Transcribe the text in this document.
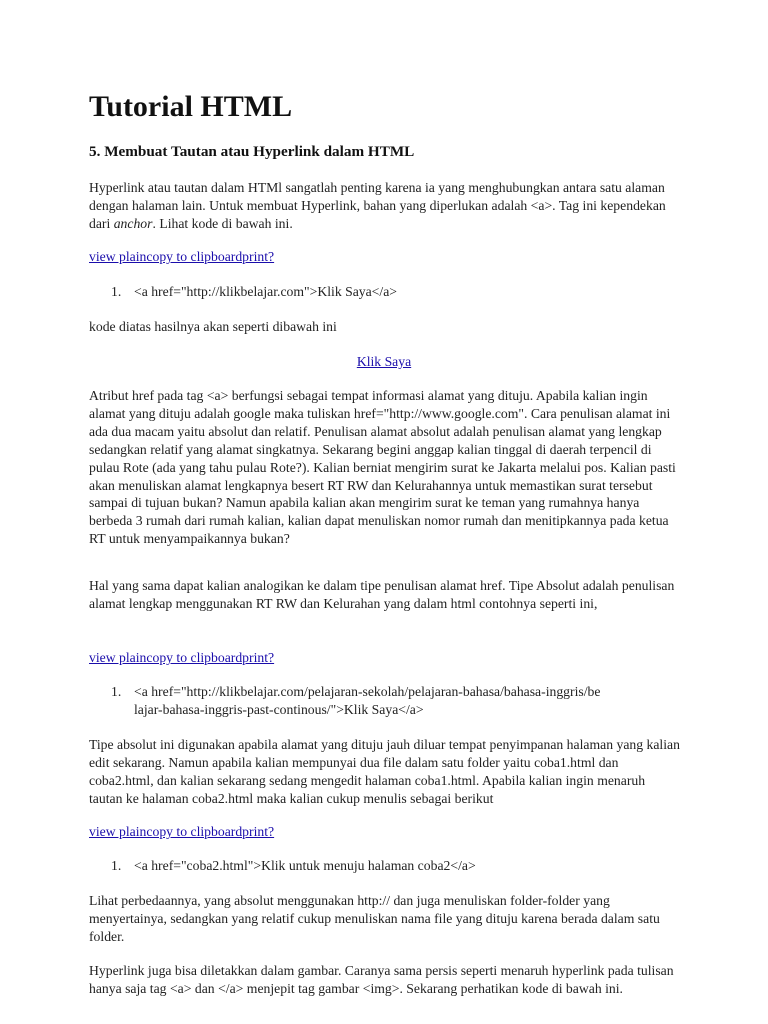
Tutorial HTML
5. Membuat Tautan atau Hyperlink dalam HTML

Hyperlink atau tautan dalam HTMl sangatlah penting karena ia yang menghubungkan antara satu alaman dengan halaman lain. Untuk membuat Hyperlink, bahan yang diperlukan adalah <a>. Tag ini kependekan dari anchor. Lihat kode di bawah ini.

view plaincopy to clipboardprint?

1. <a href="http://klikbelajar.com">Klik Saya</a>

kode diatas hasilnya akan seperti dibawah ini

Klik Saya

Atribut href pada tag <a> berfungsi sebagai tempat informasi alamat yang dituju. Apabila kalian ingin alamat yang dituju adalah google maka tuliskan href="http://www.google.com". Cara penulisan alamat ini ada dua macam yaitu absolut dan relatif. Penulisan alamat absolut adalah penulisan alamat yang lengkap sedangkan relatif yang alamat singkatnya. Sekarang begini anggap kalian tinggal di daerah terpencil di pulau Rote (ada yang tahu pulau Rote?). Kalian berniat mengirim surat ke Jakarta melalui pos. Kalian pasti akan menuliskan alamat lengkapnya besert RT RW dan Kelurahannya untuk memastikan surat tersebut sampai di tujuan bukan? Namun apabila kalian akan mengirim surat ke teman yang rumahnya hanya berbeda 3 rumah dari rumah kalian, kalian dapat menuliskan nomor rumah dan menitipkannya pada ketua RT untuk menyampaikannya bukan?

Hal yang sama dapat kalian analogikan ke dalam tipe penulisan alamat href. Tipe Absolut adalah penulisan alamat lengkap menggunakan RT RW dan Kelurahan yang dalam html contohnya seperti ini,

view plaincopy to clipboardprint?

1. <a href="http://klikbelajar.com/pelajaran-sekolah/pelajaran-bahasa/bahasa-inggris/belajar-bahasa-inggris-past-continous/">Klik Saya</a>

Tipe absolut ini digunakan apabila alamat yang dituju jauh diluar tempat penyimpanan halaman yang kalian edit sekarang. Namun apabila kalian mempunyai dua file dalam satu folder yaitu coba1.html dan coba2.html, dan kalian sekarang sedang mengedit halaman coba1.html. Apabila kalian ingin menaruh tautan ke halaman coba2.html maka kalian cukup menulis sebagai berikut

view plaincopy to clipboardprint?

1. <a href="coba2.html">Klik untuk menuju halaman coba2</a>

Lihat perbedaannya, yang absolut menggunakan http:// dan juga menuliskan folder-folder yang menyertainya, sedangkan yang relatif cukup menuliskan nama file yang dituju karena berada dalam satu folder.

Hyperlink juga bisa diletakkan dalam gambar. Caranya sama persis seperti menaruh hyperlink pada tulisan hanya saja tag <a> dan </a> menjepit tag gambar <img>. Sekarang perhatikan kode di bawah ini.
